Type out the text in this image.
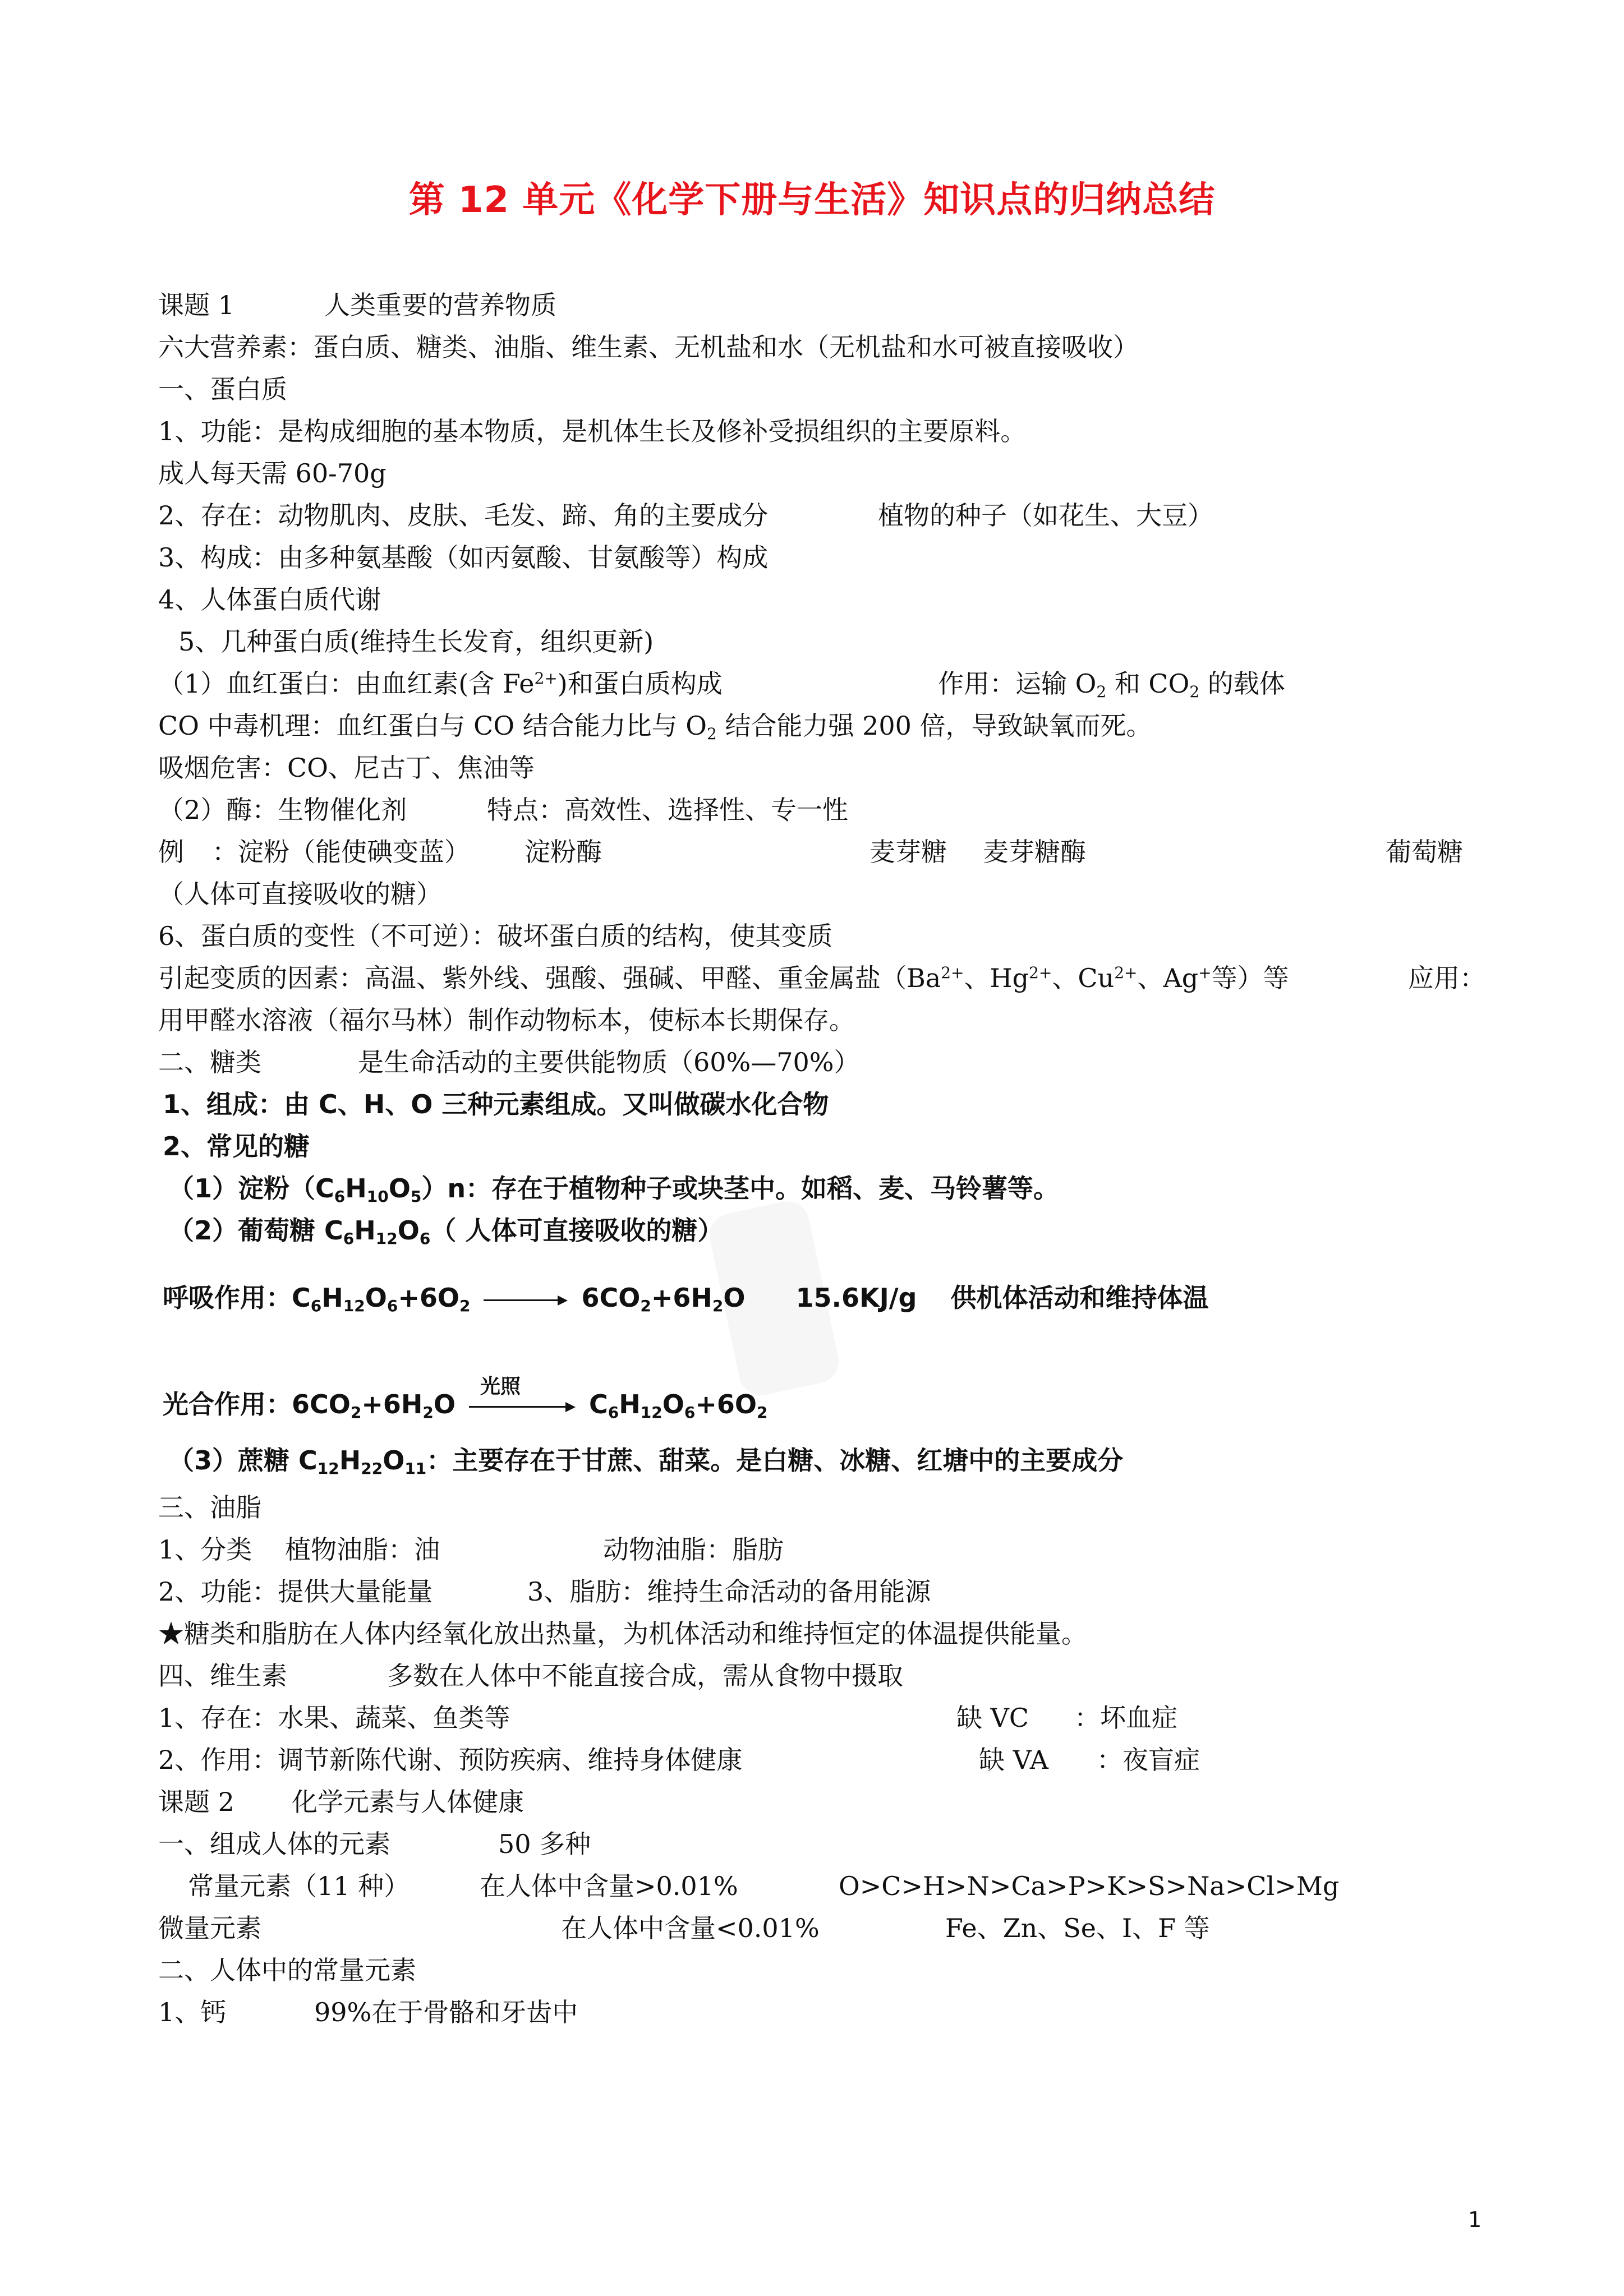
第 12 单元《化学下册与生活》知识点的归纳总结
课题 1	人类重要的营养物质
六大营养素：蛋白质、糖类、油脂、维生素、无机盐和水（无机盐和水可被直接吸收）
一、蛋白质
1、功能：是构成细胞的基本物质，是机体生长及修补受损组织的主要原料。
成人每天需 60-70g
2、存在：动物肌肉、皮肤、毛发、蹄、角的主要成分	植物的种子（如花生、大豆）
3、构成：由多种氨基酸（如丙氨酸、甘氨酸等）构成
4、人体蛋白质代谢
5、几种蛋白质(维持生长发育，组织更新)
（1）血红蛋白：由血红素(含 $Fe^{2+}$)和蛋白质构成	作用：运输 $O_2$ 和 $CO_2$ 的载体
CO 中毒机理：血红蛋白与 CO 结合能力比与 $O_2$ 结合能力强 200 倍，导致缺氧而死。
吸烟危害：CO、尼古丁、焦油等
（2）酶：生物催化剂	特点：高效性、选择性、专一性
例 ：淀粉（能使碘变蓝） 淀粉酶	麦芽糖 麦芽糖酶	葡萄糖
（人体可直接吸收的糖）
6、蛋白质的变性（不可逆）：破坏蛋白质的结构，使其变质
引起变质的因素：高温、紫外线、强酸、强碱、甲醛、重金属盐（$Ba^{2+}$、$Hg^{2+}$、$Cu^{2+}$、Ag+等）等	应用：
用甲醛水溶液（福尔马林）制作动物标本，使标本长期保存。
二、糖类	是生命活动的主要供能物质（60%—70%）
1、组成：由 C、H、O 三种元素组成。又叫做碳水化合物
2、常见的糖
（1）淀粉$(C_6H_{10}O_5)n$：存在于植物种子或块茎中。如稻、麦、马铃薯等。
（2）葡萄糖 $C_6H_{12}O_6$（ 人体可直接吸收的糖）
呼吸作用：$C_6H_{12}O_6+6O_2$	$6CO_2+6H_2O$ 15.6KJ/g 供机体活动和维持体温
光合作用：$6CO_2+6H_2O$
光照
$C_6H_{12}O_6+6O_2$
（3）蔗糖 $C_{12}H_{22}O_{11}$：主要存在于甘蔗、甜菜。是白糖、冰糖、红塘中的主要成分
三、油脂
1、分类 植物油脂：油	动物油脂：脂肪
2、功能：提供大量能量	3、脂肪：维持生命活动的备用能源
★糖类和脂肪在人体内经氧化放出热量，为机体活动和维持恒定的体温提供能量。
四、维生素	多数在人体中不能直接合成，需从食物中摄取
1、存在：水果、蔬菜、鱼类等	缺 VC ：坏血症
2、作用：调节新陈代谢、预防疾病、维持身体健康	缺 VA ：夜盲症
课题 2 化学元素与人体健康
一、组成人体的元素	50 多种
常量元素（11 种）	在人体中含量>0.01%	O>C>H>N>Ca>P>K>S>Na>Cl>Mg
微量元素	在人体中含量<0.01%	Fe、Zn、Se、I、F 等
二、人体中的常量元素
1、钙	99%在于骨骼和牙齿中
1
